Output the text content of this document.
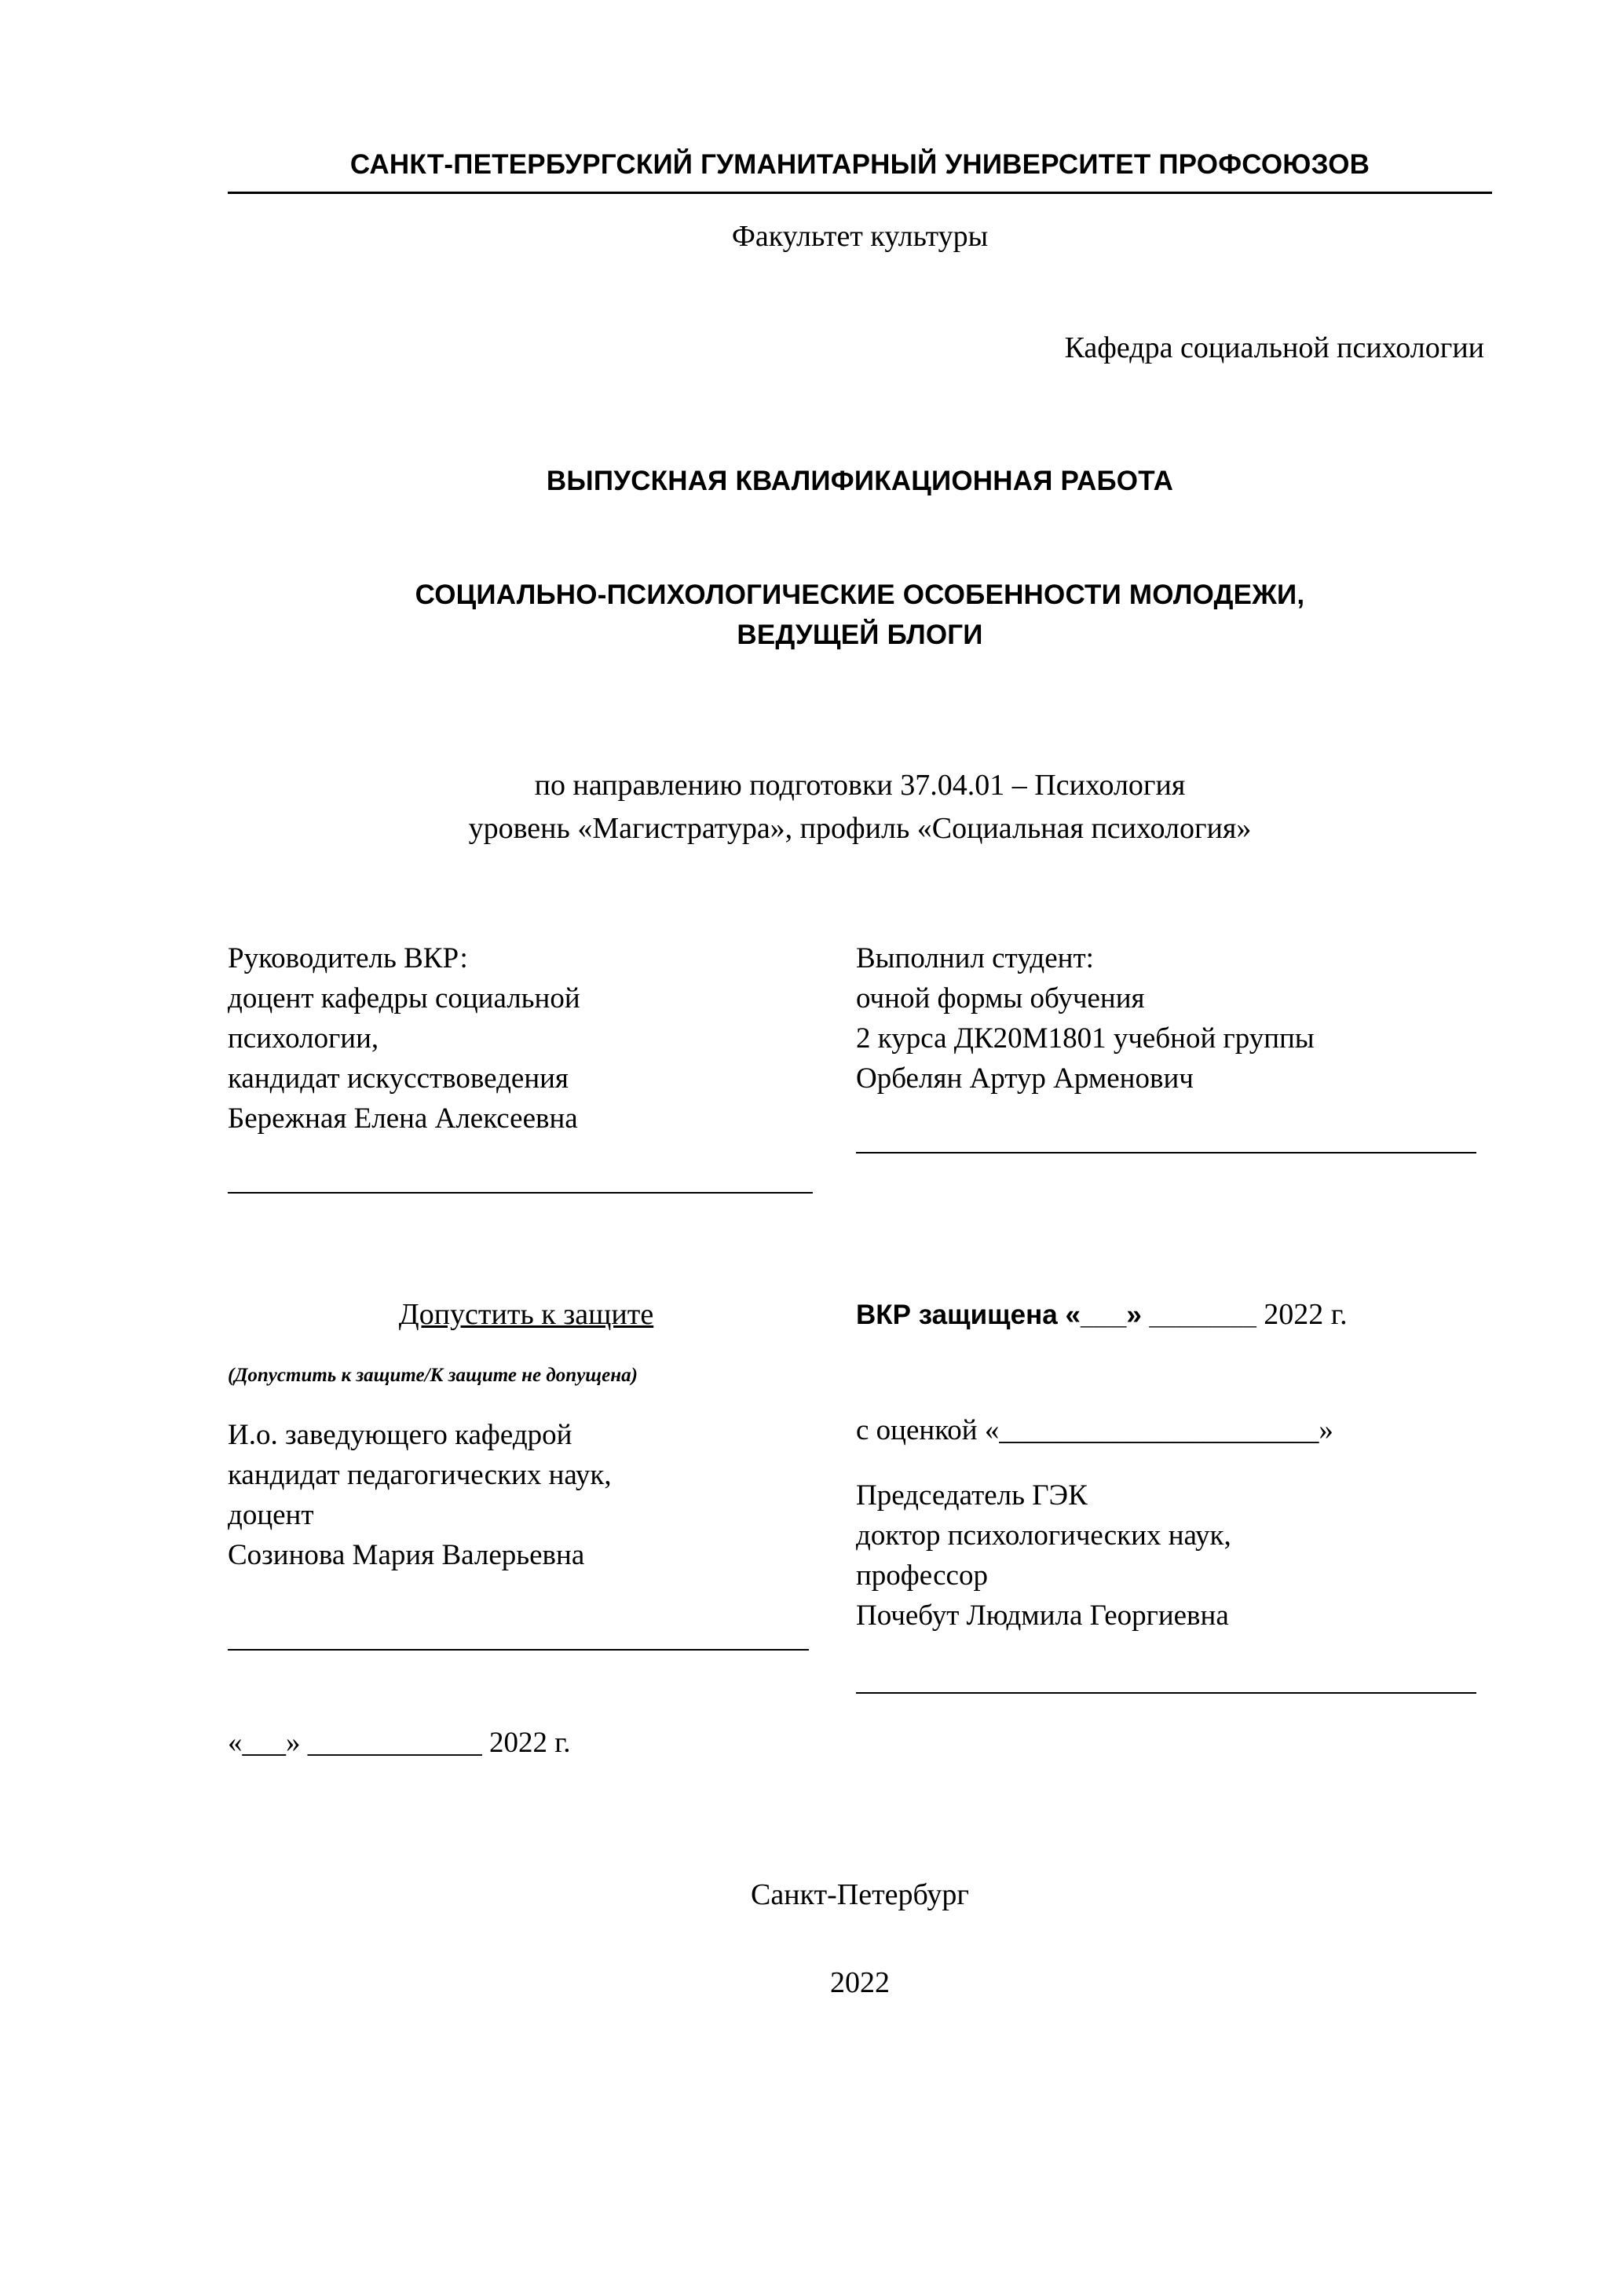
САНКТ-ПЕТЕРБУРГСКИЙ ГУМАНИТАРНЫЙ УНИВЕРСИТЕТ ПРОФСОЮЗОВ
Факультет культуры
Кафедра социальной психологии
ВЫПУСКНАЯ КВАЛИФИКАЦИОННАЯ РАБОТА
СОЦИАЛЬНО-ПСИХОЛОГИЧЕСКИЕ ОСОБЕННОСТИ МОЛОДЕЖИ,
ВЕДУЩЕЙ БЛОГИ
по направлению подготовки 37.04.01 – Психология
уровень «Магистратура», профиль «Социальная психология»
Руководитель ВКР:
доцент кафедры социальной
психологии,
кандидат искусствоведения
Бережная Елена Алексеевна
Выполнил студент:
очной формы обучения
2 курса ДК20М1801 учебной группы
Орбелян Артур Арменович
Допустить к защите
(Допустить к защите/К защите не допущена)
И.о. заведующего кафедрой
кандидат педагогических наук,
доцент
Созинова Мария Валерьевна
«___» ____________ 2022 г.
ВКР защищена «___» _______ 2022 г.
с оценкой «______________________»
Председатель ГЭК
доктор психологических наук,
профессор
Почебут Людмила Георгиевна
Санкт-Петербург
2022
